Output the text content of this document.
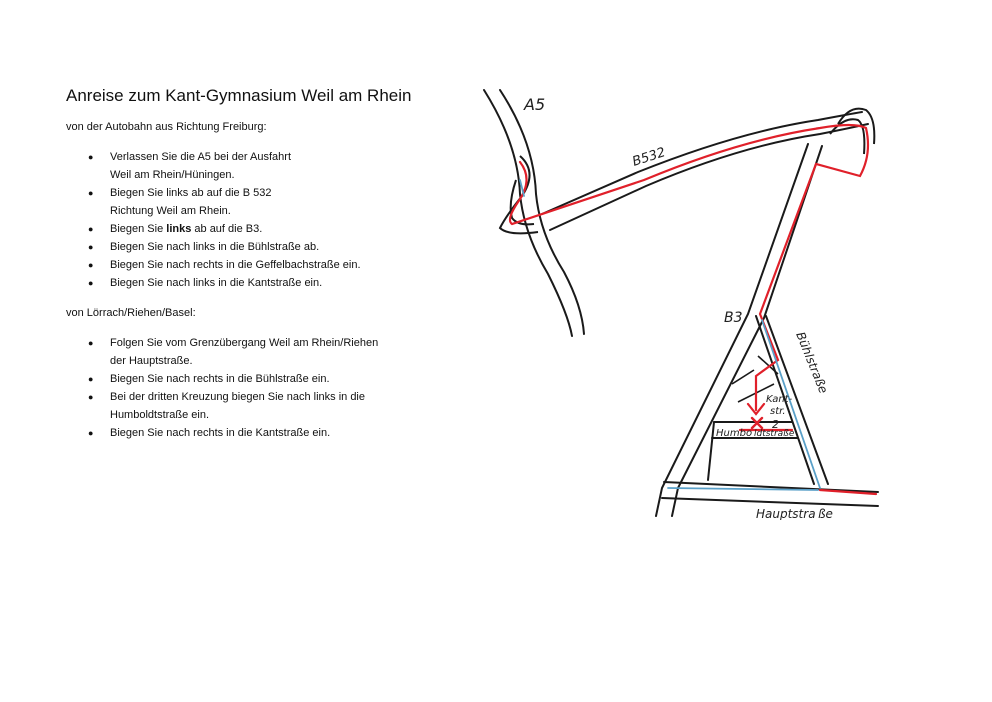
Anreise zum Kant-Gymnasium Weil am Rhein

von der Autobahn aus Richtung Freiburg:

● Verlassen Sie die A5 bei der Ausfahrt
Weil am Rhein/Hüningen.
● Biegen Sie links ab auf die B 532
Richtung Weil am Rhein.
● Biegen Sie links ab auf die B3.
● Biegen Sie nach links in die Bühlstraße ab.
● Biegen Sie nach rechts in die Geffelbachstraße ein.
● Biegen Sie nach links in die Kantstraße ein.

von Lörrach/Riehen/Basel:

● Folgen Sie vom Grenzübergang Weil am Rhein/Riehen
der Hauptstraße.
● Biegen Sie nach rechts in die Bühlstraße ein.
● Bei der dritten Kreuzung biegen Sie nach links in die
Humboldtstraße ein.
● Biegen Sie nach rechts in die Kantstraße ein.
A5
B532
B3
Bühlstraße
Kant-
str.
2
Humbo ldtstraße
Hauptstra ße
